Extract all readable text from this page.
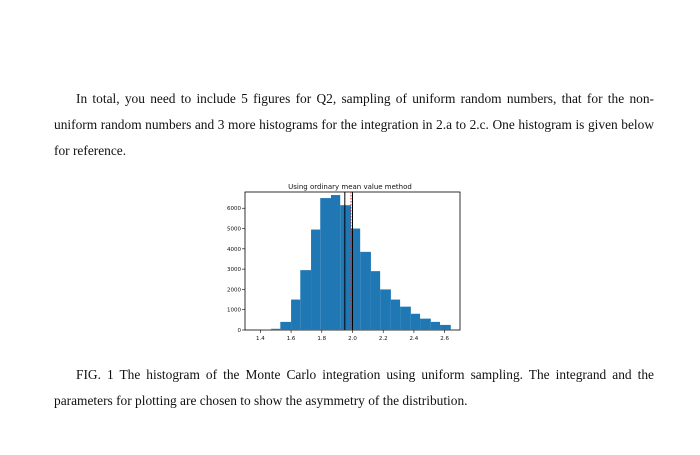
In total, you need to include 5 figures for Q2, sampling of uniform random numbers, that for the non-uniform random numbers and 3 more histograms for the integration in 2.a to 2.c. One histogram is given below for reference.

Using ordinary mean value method
1.4	1.6	1.8	2.0	2.2	2.4	2.6
0
1000
2000
3000
4000
5000
6000
FIG. 1 The histogram of the Monte Carlo integration using uniform sampling. The integrand and the parameters for plotting are chosen to show the asymmetry of the distribution.
